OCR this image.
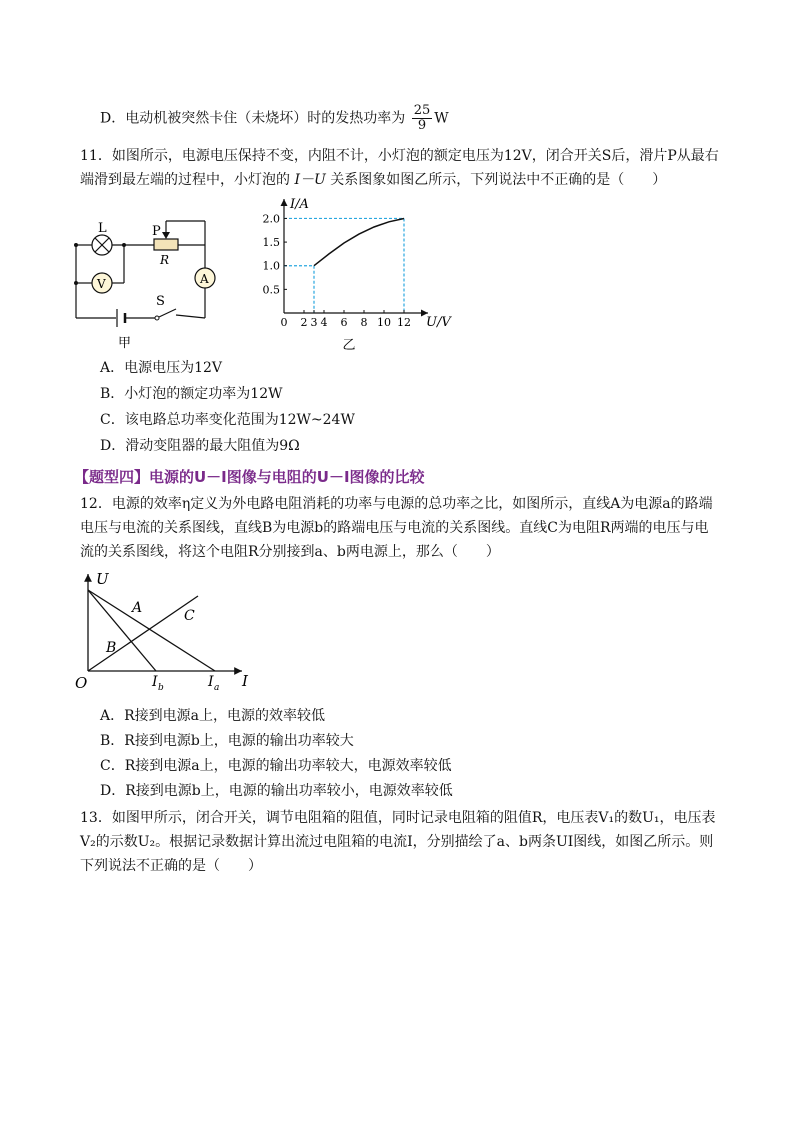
D．电动机被突然卡住（未烧坏）时的发热功率为 $\frac{25}{9}$ W
11．如图所示，电源电压保持不变，内阻不计，小灯泡的额定电压为12V，闭合开关S后，滑片P从最右
端滑到最左端的过程中，小灯泡的 I－U 关系图象如图乙所示，下列说法中不正确的是（　　）
L	P
R
V	A
S
甲
0 2 3 4 6 8 10 12
0.5
1.0
1.5
2.0
I/A
U/V
乙
A．电源电压为12V
B．小灯泡的额定功率为12W
C．该电路总功率变化范围为12W~24W
D．滑动变阻器的最大阻值为9Ω
【题型四】电源的U－I图像与电阻的U－I图像的比较
12．电源的效率η定义为外电路电阻消耗的功率与电源的总功率之比，如图所示，直线A为电源a的路端
电压与电流的关系图线，直线B为电源b的路端电压与电流的关系图线。直线C为电阻R两端的电压与电
流的关系图线，将这个电阻R分别接到a、b两电源上，那么（　　）
U
I
O
A
B
C
I b	I a
A．R接到电源a上，电源的效率较低
B．R接到电源b上，电源的输出功率较大
C．R接到电源a上，电源的输出功率较大，电源效率较低
D．R接到电源b上，电源的输出功率较小，电源效率较低
13．如图甲所示，闭合开关，调节电阻箱的阻值，同时记录电阻箱的阻值R，电压表V₁的数U₁，电压表
V₂的示数U₂。根据记录数据计算出流过电阻箱的电流I，分别描绘了a、b两条UI图线，如图乙所示。则
下列说法不正确的是（　　）
